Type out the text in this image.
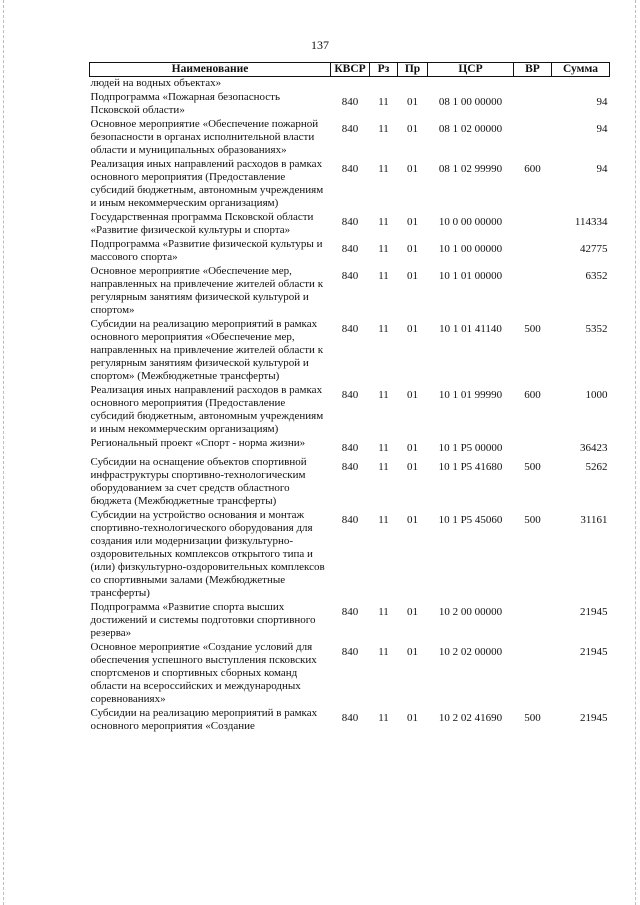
137
Наименование	КВСР	Рз	Пр	ЦСР	ВР	Сумма
людей на водных объектах»						
Подпрограмма «Пожарная безопасность Псковской области»	840	11	01	08 1 00 00000		94
Основное мероприятие «Обеспечение пожарной безопасности в органах исполнительной власти области и муниципальных образованиях»	840	11	01	08 1 02 00000		94
Реализация иных направлений расходов в рамках основного мероприятия (Предоставление субсидий бюджетным, автономным учреждениям и иным некоммерческим организациям)	840	11	01	08 1 02 99990	600	94
Государственная программа Псковской области «Развитие физической культуры и спорта»	840	11	01	10 0 00 00000		114334
Подпрограмма «Развитие физической культуры и массового спорта»	840	11	01	10 1 00 00000		42775
Основное мероприятие «Обеспечение мер, направленных на привлечение жителей области к регулярным занятиям физической культурой и спортом»	840	11	01	10 1 01 00000		6352
Субсидии на реализацию мероприятий в рамках основного мероприятия «Обеспечение мер, направленных на привлечение жителей области к регулярным занятиям физической культурой и спортом» (Межбюджетные трансферты)	840	11	01	10 1 01 41140	500	5352
Реализация иных направлений расходов в рамках основного мероприятия (Предоставление субсидий бюджетным, автономным учреждениям и иным некоммерческим организациям)	840	11	01	10 1 01 99990	600	1000
Региональный проект «Спорт - норма жизни»	840	11	01	10 1 P5 00000		36423
Субсидии на оснащение объектов спортивной инфраструктуры спортивно-технологическим оборудованием за счет средств областного бюджета (Межбюджетные трансферты)	840	11	01	10 1 P5 41680	500	5262
Субсидии на устройство основания и монтаж спортивно-технологического оборудования для создания или модернизации физкультурно-оздоровительных комплексов открытого типа и (или) физкультурно-оздоровительных комплексов со спортивными залами (Межбюджетные трансферты)	840	11	01	10 1 P5 45060	500	31161
Подпрограмма «Развитие спорта высших достижений и системы подготовки спортивного резерва»	840	11	01	10 2 00 00000		21945
Основное мероприятие «Создание условий для обеспечения успешного выступления псковских спортсменов и спортивных сборных команд области на всероссийских и международных соревнованиях»	840	11	01	10 2 02 00000		21945
Субсидии на реализацию мероприятий в рамках основного мероприятия «Создание	840	11	01	10 2 02 41690	500	21945
